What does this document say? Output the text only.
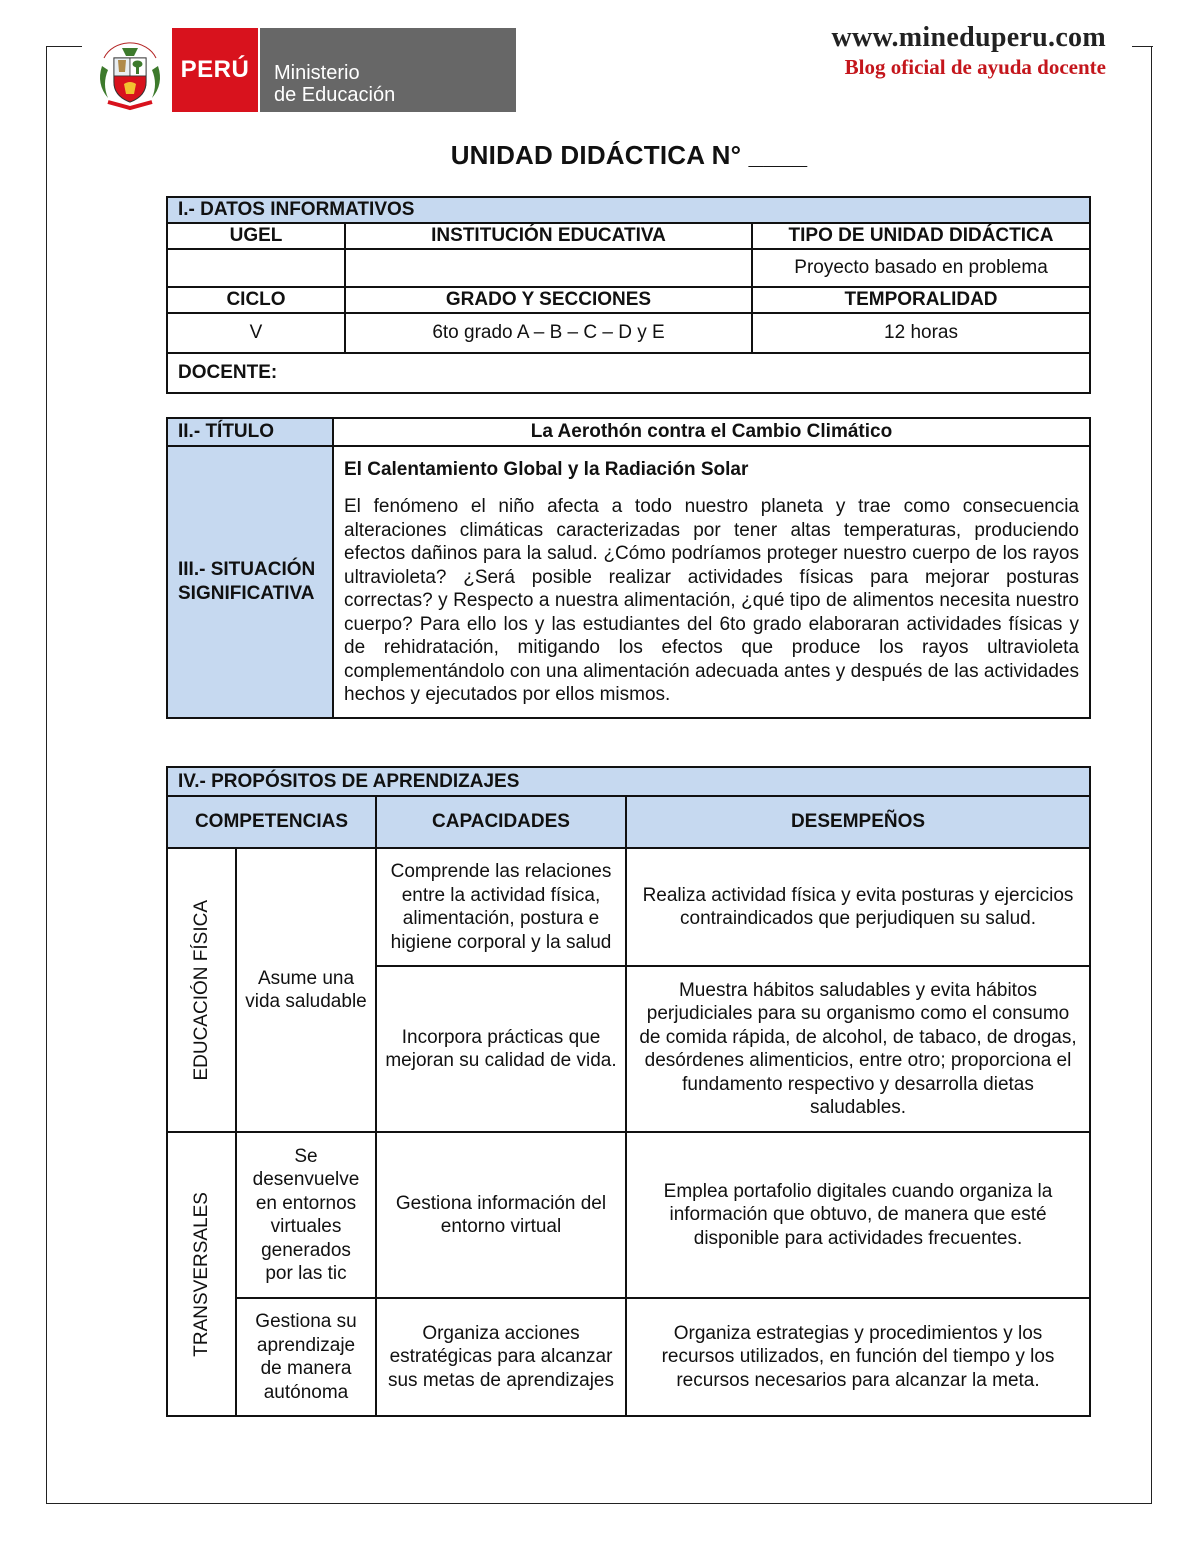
PERÚ	Ministerio
de Educación
www.mineduperu.com
Blog oficial de ayuda docente
UNIDAD DIDÁCTICA N° ____
I.- DATOS INFORMATIVOS		
UGEL	INSTITUCIÓN EDUCATIVA	TIPO DE UNIDAD DIDÁCTICA
		Proyecto basado en problema
CICLO	GRADO Y SECCIONES	TEMPORALIDAD
V	6to grado A – B – C – D y E	12 horas
DOCENTE:		
II.- TÍTULO	La Aerothón contra el Cambio Climático
III.- SITUACIÓN SIGNIFICATIVA	El Calentamiento Global y la Radiación Solar
El fenómeno el niño afecta a todo nuestro planeta y trae como consecuencia alteraciones climáticas caracterizadas por tener altas temperaturas, produciendo efectos dañinos para la salud. ¿Cómo podríamos proteger nuestro cuerpo de los rayos ultravioleta? ¿Será posible realizar actividades físicas para mejorar posturas correctas? y Respecto a nuestra alimentación, ¿qué tipo de alimentos necesita nuestro cuerpo? Para ello los y las estudiantes del 6to grado elaboraran actividades físicas y de rehidratación, mitigando los efectos que produce los rayos ultravioleta complementándolo con una alimentación adecuada antes y después de las actividades hechos y ejecutados por ellos mismos.
IV.- PROPÓSITOS DE APRENDIZAJES			
COMPETENCIAS		CAPACIDADES	DESEMPEÑOS

EDUCACIÓN FÍSICA	Asume una vida saludable	Comprende las relaciones entre la actividad física, alimentación, postura e higiene corporal y la salud	Realiza actividad física y evita posturas y ejercicios contraindicados que perjudiquen su salud.
		Incorpora prácticas que mejoran su calidad de vida.	Muestra hábitos saludables y evita hábitos perjudiciales para su organismo como el consumo de comida rápida, de alcohol, de tabaco, de drogas, desórdenes alimenticios, entre otro; proporciona el fundamento respectivo y desarrolla dietas saludables.

TRANSVERSALES	Se desenvuelve en entornos virtuales generados por las tic	Gestiona información del entorno virtual	Emplea portafolio digitales cuando organiza la información que obtuvo, de manera que esté disponible para actividades frecuentes.
	Gestiona su aprendizaje de manera autónoma	Organiza acciones estratégicas para alcanzar sus metas de aprendizajes	Organiza estrategias y procedimientos y los recursos utilizados, en función del tiempo y los recursos necesarios para alcanzar la meta.
